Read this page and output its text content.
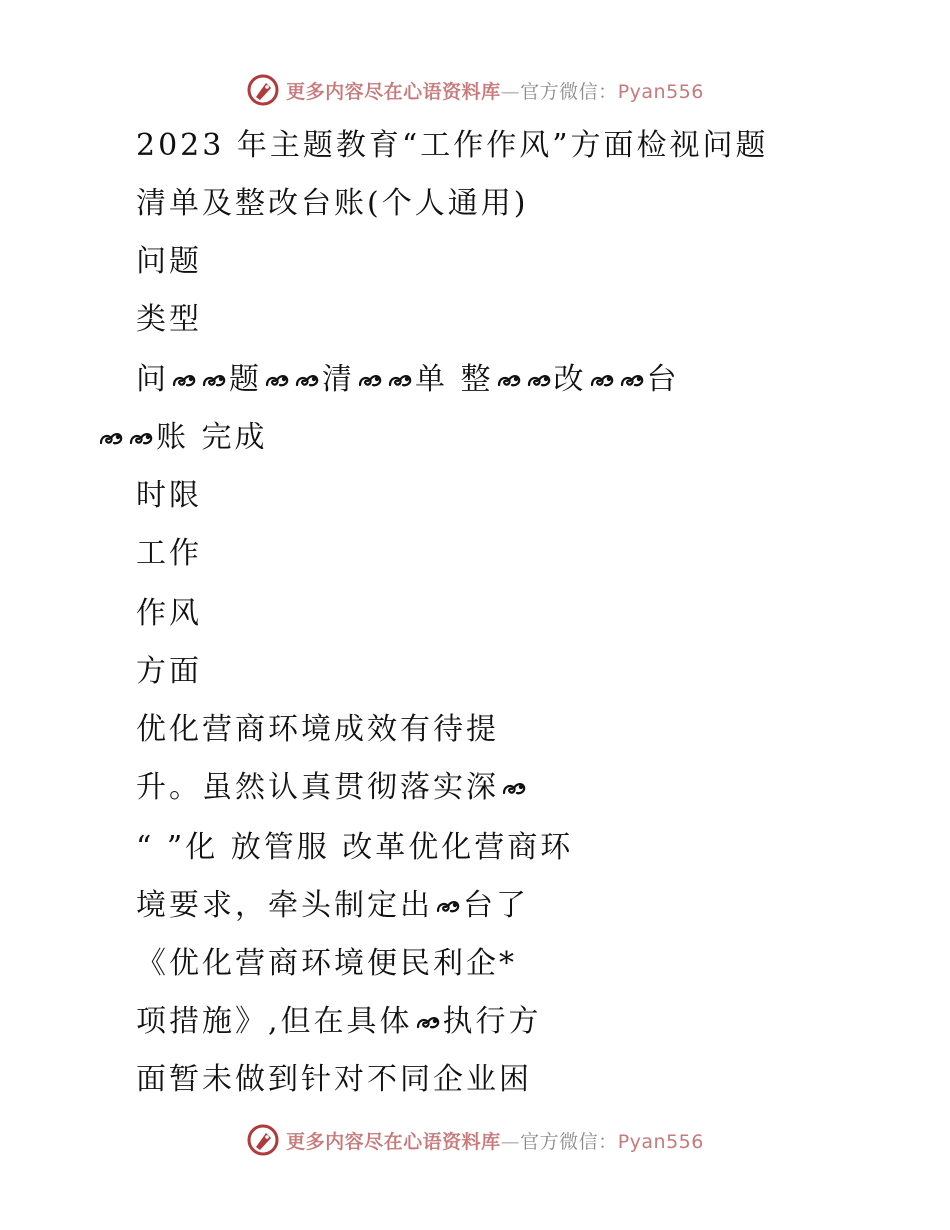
更多内容尽在心语资料库—官方微信：Pyan556
2023 年主题教育“工作作风”方面检视问题
清单及整改台账(个人通用)
问题
类型
问 题 清 单 整 改 台
账 完成
时限
工作
作风
方面
优化营商环境成效有待提
升。虽然认真贯彻落实深
“ ”化 放管服 改革优化营商环
境要求，牵头制定出 台了
《优化营商环境便民利企*
项措施》,但在具体 执行方
面暂未做到针对不同企业困
更多内容尽在心语资料库—官方微信：Pyan556
